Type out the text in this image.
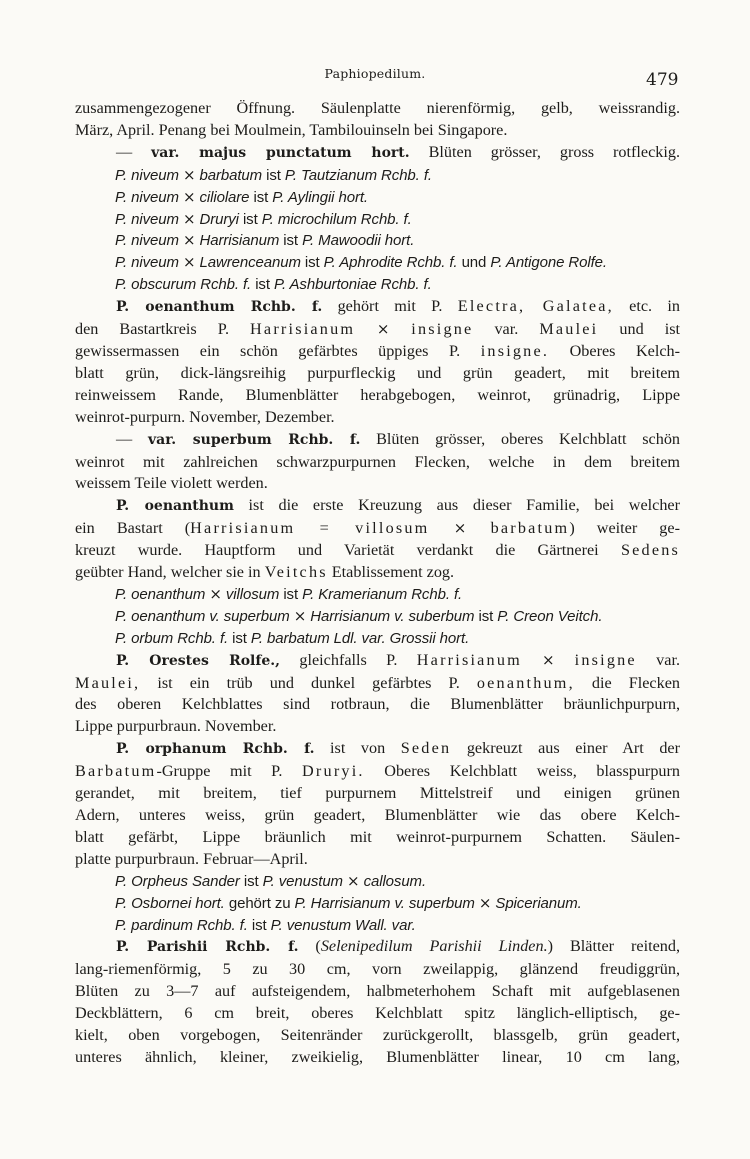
Paphiopedilum.	479
zusammengezogener Öffnung. Säulenplatte nierenförmig, gelb, weissrandig.
März, April. Penang bei Moulmein, Tambilouinseln bei Singapore.
— var. majus punctatum hort. Blüten grösser, gross rotfleckig.
P. niveum × barbatum ist P. Tautzianum Rchb. f.
P. niveum × ciliolare ist P. Aylingii hort.
P. niveum × Druryi ist P. microchilum Rchb. f.
P. niveum × Harrisianum ist P. Mawoodii hort.
P. niveum × Lawrenceanum ist P. Aphrodite Rchb. f. und P. Antigone Rolfe.
P. obscurum Rchb. f. ist P. Ashburtoniae Rchb. f.
P. oenanthum Rchb. f. gehört mit P. Electra, Galatea, etc. in
den Bastartkreis P. Harrisianum × insigne var. Maulei und ist
gewissermassen ein schön gefärbtes üppiges P. insigne. Oberes Kelch-
blatt grün, dick-längsreihig purpurfleckig und grün geadert, mit breitem
reinweissem Rande, Blumenblätter herabgebogen, weinrot, grünadrig, Lippe
weinrot-purpurn. November, Dezember.
— var. superbum Rchb. f. Blüten grösser, oberes Kelchblatt schön
weinrot mit zahlreichen schwarzpurpurnen Flecken, welche in dem breitem
weissem Teile violett werden.
P. oenanthum ist die erste Kreuzung aus dieser Familie, bei welcher
ein Bastart (Harrisianum = villosum × barbatum) weiter ge-
kreuzt wurde. Hauptform und Varietät verdankt die Gärtnerei Sedens
geübter Hand, welcher sie in Veitchs Etablissement zog.
P. oenanthum × villosum ist P. Kramerianum Rchb. f.
P. oenanthum v. superbum × Harrisianum v. suberbum ist P. Creon Veitch.
P. orbum Rchb. f. ist P. barbatum Ldl. var. Grossii hort.
P. Orestes Rolfe., gleichfalls P. Harrisianum × insigne var.
Maulei, ist ein trüb und dunkel gefärbtes P. oenanthum, die Flecken
des oberen Kelchblattes sind rotbraun, die Blumenblätter bräunlichpurpurn,
Lippe purpurbraun. November.
P. orphanum Rchb. f. ist von Seden gekreuzt aus einer Art der
Barbatum-Gruppe mit P. Druryi. Oberes Kelchblatt weiss, blasspurpurn
gerandet, mit breitem, tief purpurnem Mittelstreif und einigen grünen
Adern, unteres weiss, grün geadert, Blumenblätter wie das obere Kelch-
blatt gefärbt, Lippe bräunlich mit weinrot-purpurnem Schatten. Säulen-
platte purpurbraun. Februar—April.
P. Orpheus Sander ist P. venustum × callosum.
P. Osbornei hort. gehört zu P. Harrisianum v. superbum × Spicerianum.
P. pardinum Rchb. f. ist P. venustum Wall. var.
P. Parishii Rchb. f. (Selenipedilum Parishii Linden.) Blätter reitend,
lang-riemenförmig, 5 zu 30 cm, vorn zweilappig, glänzend freudiggrün,
Blüten zu 3—7 auf aufsteigendem, halbmeterhohem Schaft mit aufgeblasenen
Deckblättern, 6 cm breit, oberes Kelchblatt spitz länglich-elliptisch, ge-
kielt, oben vorgebogen, Seitenränder zurückgerollt, blassgelb, grün geadert,
unteres ähnlich, kleiner, zweikielig, Blumenblätter linear, 10 cm lang,
